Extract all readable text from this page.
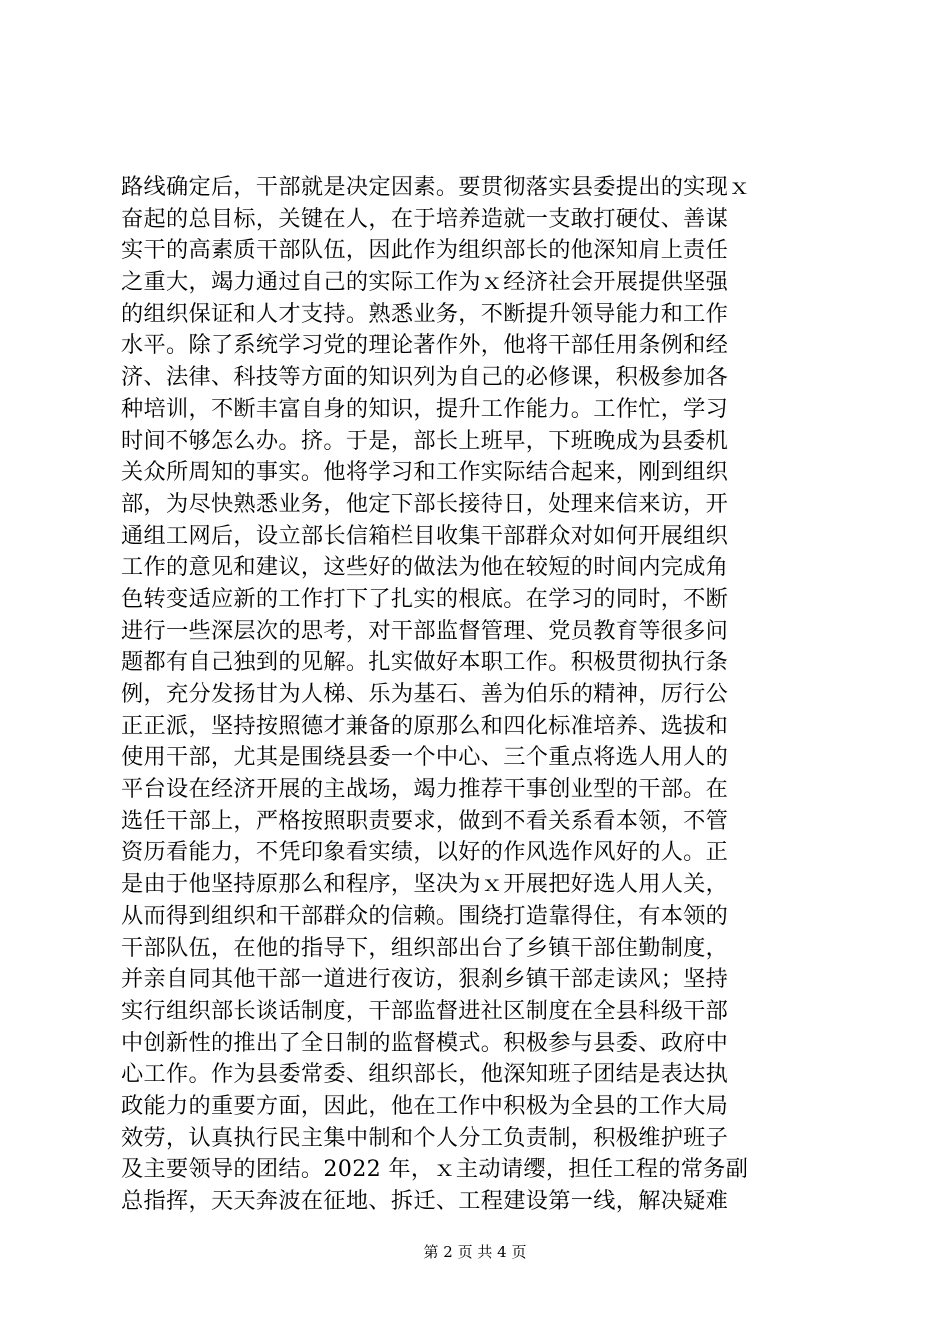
路线确定后，干部就是决定因素。要贯彻落实县委提出的实现ｘ
奋起的总目标，关键在人，在于培养造就一支敢打硬仗、善谋
实干的高素质干部队伍，因此作为组织部长的他深知肩上责任
之重大，竭力通过自己的实际工作为ｘ经济社会开展提供坚强
的组织保证和人才支持。熟悉业务，不断提升领导能力和工作
水平。除了系统学习党的理论著作外，他将干部任用条例和经
济、法律、科技等方面的知识列为自己的必修课，积极参加各
种培训，不断丰富自身的知识，提升工作能力。工作忙，学习
时间不够怎么办。挤。于是，部长上班早，下班晚成为县委机
关众所周知的事实。他将学习和工作实际结合起来，刚到组织
部，为尽快熟悉业务，他定下部长接待日，处理来信来访，开
通组工网后，设立部长信箱栏目收集干部群众对如何开展组织
工作的意见和建议，这些好的做法为他在较短的时间内完成角
色转变适应新的工作打下了扎实的根底。在学习的同时，不断
进行一些深层次的思考，对干部监督管理、党员教育等很多问
题都有自己独到的见解。扎实做好本职工作。积极贯彻执行条
例，充分发扬甘为人梯、乐为基石、善为伯乐的精神，厉行公
正正派，坚持按照德才兼备的原那么和四化标准培养、选拔和
使用干部，尤其是围绕县委一个中心、三个重点将选人用人的
平台设在经济开展的主战场，竭力推荐干事创业型的干部。在
选任干部上，严格按照职责要求，做到不看关系看本领，不管
资历看能力，不凭印象看实绩，以好的作风选作风好的人。正
是由于他坚持原那么和程序，坚决为ｘ开展把好选人用人关，
从而得到组织和干部群众的信赖。围绕打造靠得住，有本领的
干部队伍，在他的指导下，组织部出台了乡镇干部住勤制度，
并亲自同其他干部一道进行夜访，狠刹乡镇干部走读风；坚持
实行组织部长谈话制度，干部监督进社区制度在全县科级干部
中创新性的推出了全日制的监督模式。积极参与县委、政府中
心工作。作为县委常委、组织部长，他深知班子团结是表达执
政能力的重要方面，因此，他在工作中积极为全县的工作大局
效劳，认真执行民主集中制和个人分工负责制，积极维护班子
及主要领导的团结。2022 年，ｘ主动请缨，担任工程的常务副
总指挥，天天奔波在征地、拆迁、工程建设第一线，解决疑难
第 2 页 共 4 页
